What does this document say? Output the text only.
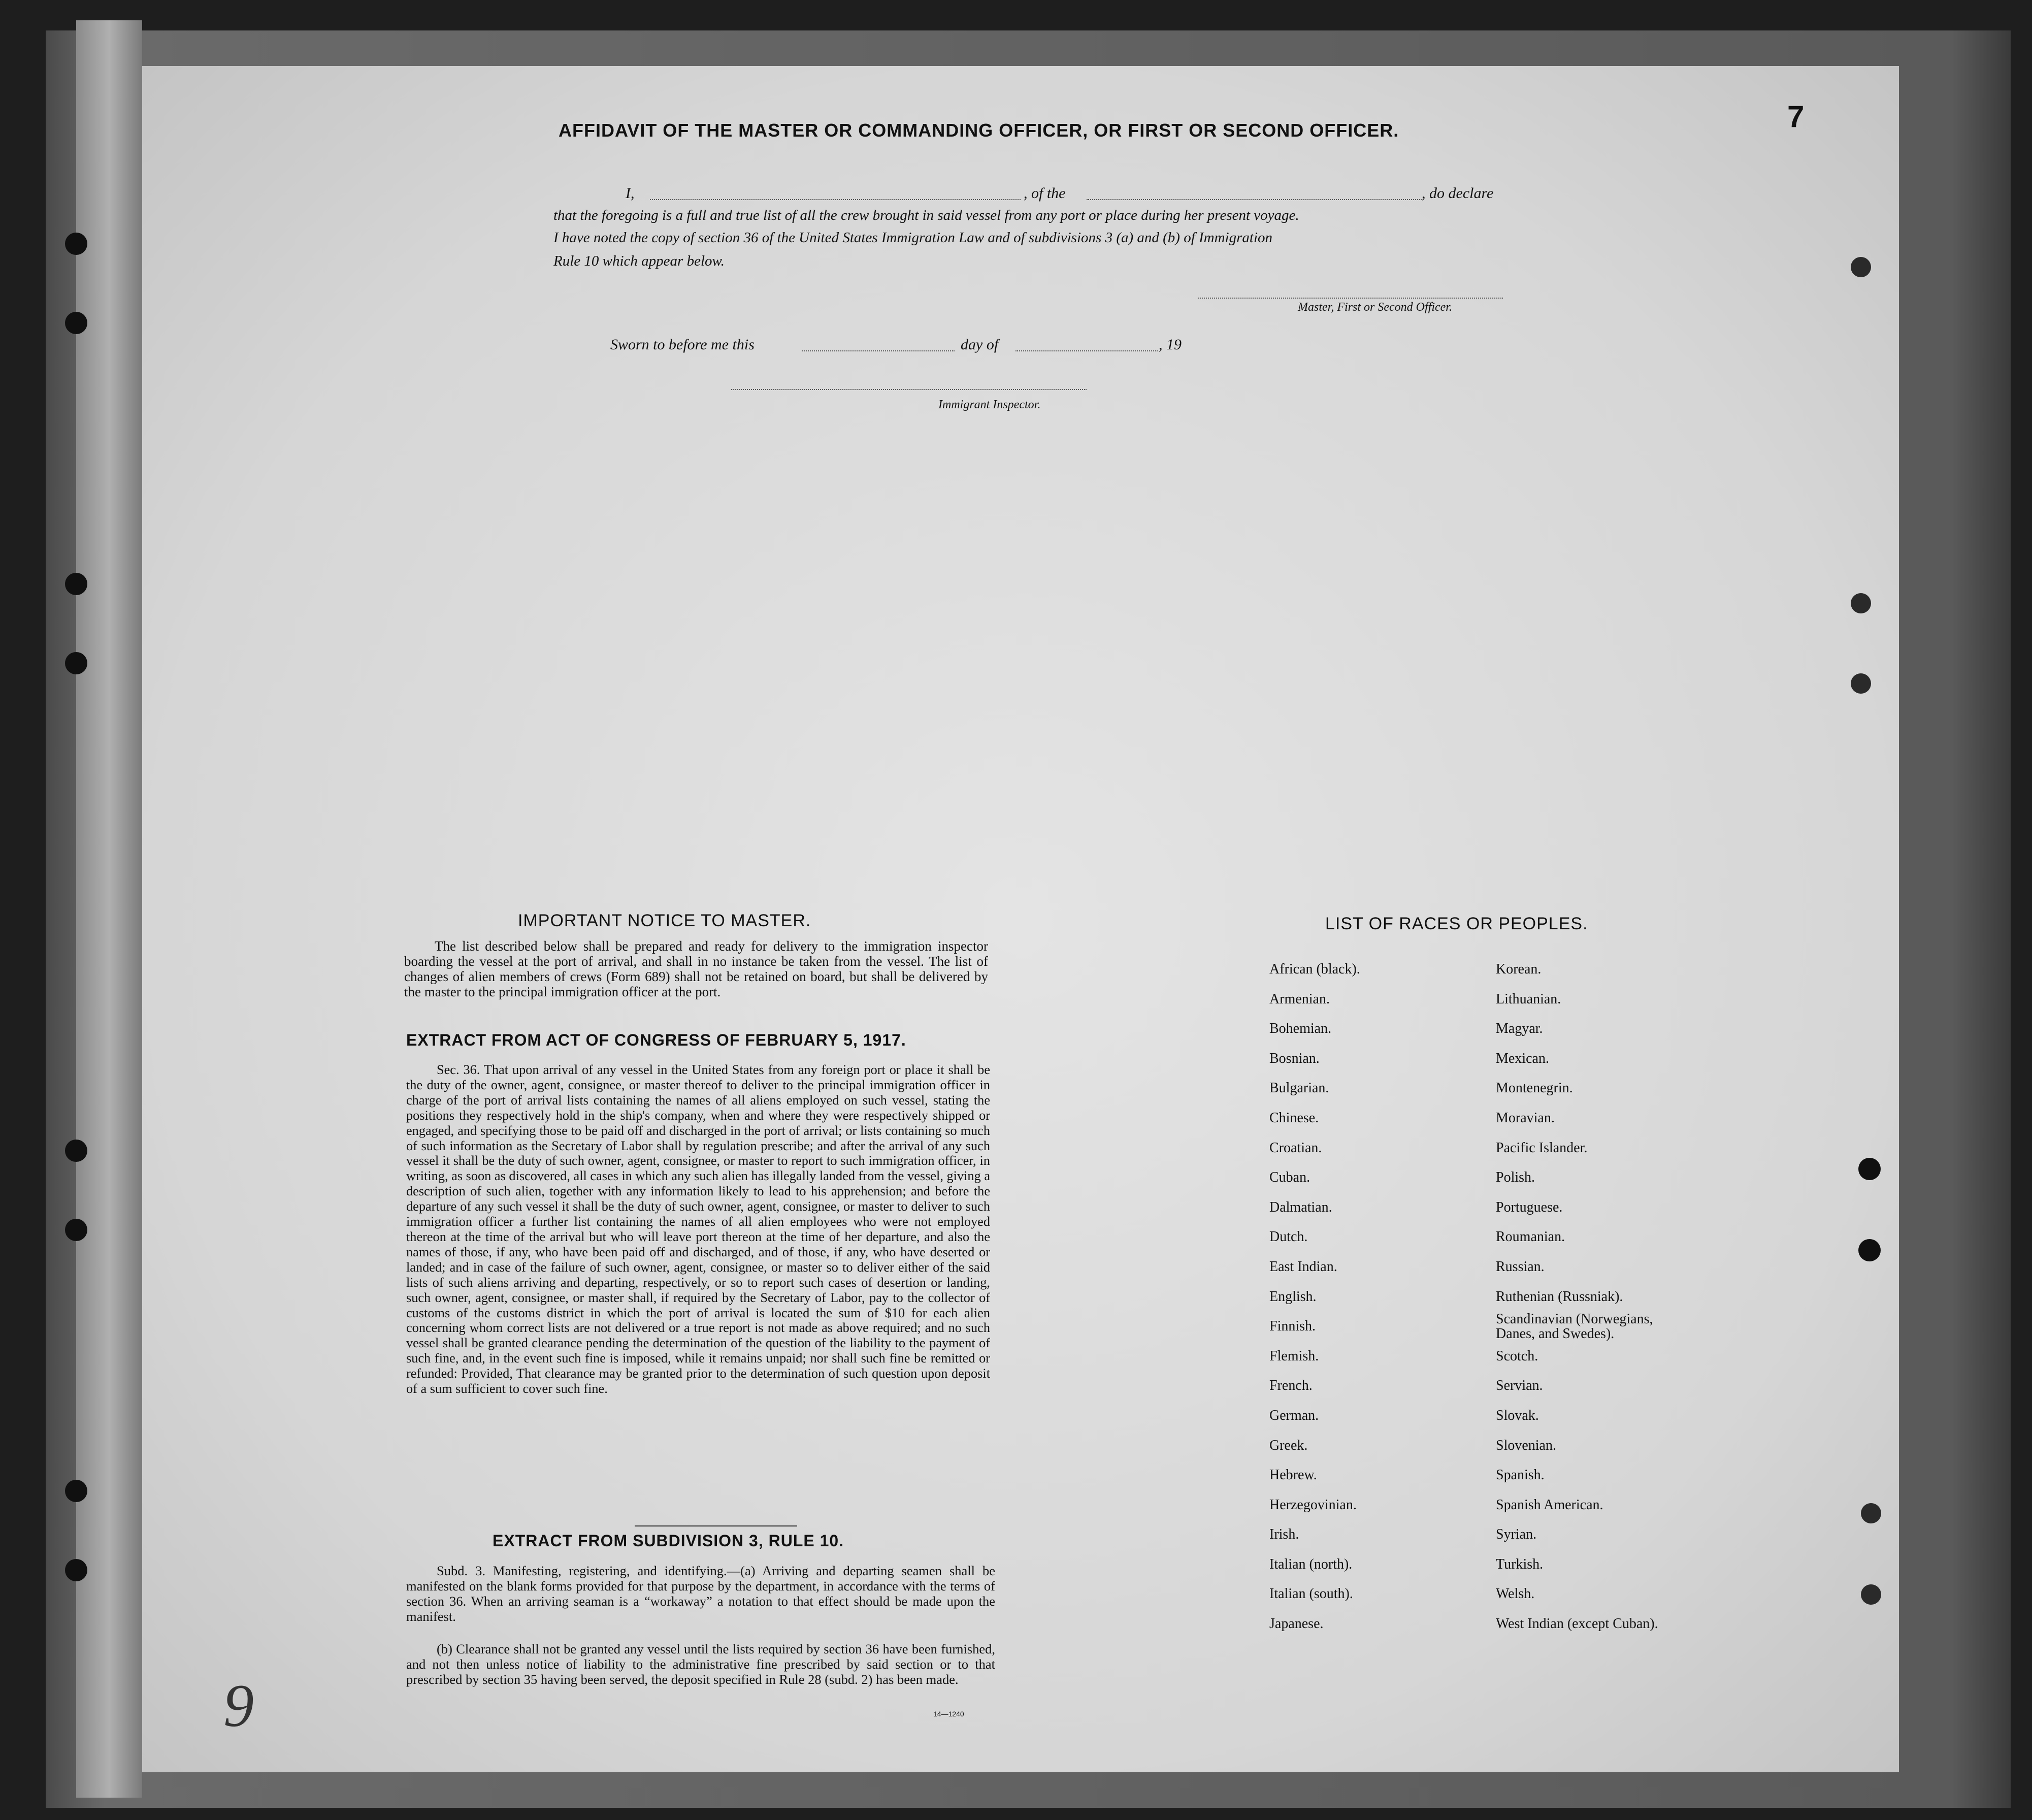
7
AFFIDAVIT OF THE MASTER OR COMMANDING OFFICER, OR FIRST OR SECOND OFFICER.
I,	, of the	, do declare
that the foregoing is a full and true list of all the crew brought in said vessel from any port or place during her present voyage.
I have noted the copy of section 36 of the United States Immigration Law and of subdivisions 3 (a) and (b) of Immigration
Rule 10 which appear below.
Master, First or Second Officer.
Sworn to before me this	day of	, 19
Immigrant Inspector.
IMPORTANT NOTICE TO MASTER.
The list described below shall be prepared and ready for delivery to the immigration inspector boarding the vessel at the port of arrival, and shall in no instance be taken from the vessel. The list of changes of alien members of crews (Form 689) shall not be retained on board, but shall be delivered by the master to the principal immigration officer at the port.
EXTRACT FROM ACT OF CONGRESS OF FEBRUARY 5, 1917.
Sec. 36. That upon arrival of any vessel in the United States from any foreign port or place it shall be the duty of the owner, agent, consignee, or master thereof to deliver to the principal immigration officer in charge of the port of arrival lists containing the names of all aliens employed on such vessel, stating the positions they respectively hold in the ship's company, when and where they were respectively shipped or engaged, and specifying those to be paid off and discharged in the port of arrival; or lists containing so much of such information as the Secretary of Labor shall by regulation prescribe; and after the arrival of any such vessel it shall be the duty of such owner, agent, consignee, or master to report to such immigration officer, in writing, as soon as discovered, all cases in which any such alien has illegally landed from the vessel, giving a description of such alien, together with any information likely to lead to his apprehension; and before the departure of any such vessel it shall be the duty of such owner, agent, consignee, or master to deliver to such immigration officer a further list containing the names of all alien employees who were not employed thereon at the time of the arrival but who will leave port thereon at the time of her departure, and also the names of those, if any, who have been paid off and discharged, and of those, if any, who have deserted or landed; and in case of the failure of such owner, agent, consignee, or master so to deliver either of the said lists of such aliens arriving and departing, respectively, or so to report such cases of desertion or landing, such owner, agent, consignee, or master shall, if required by the Secretary of Labor, pay to the collector of customs of the customs district in which the port of arrival is located the sum of $10 for each alien concerning whom correct lists are not delivered or a true report is not made as above required; and no such vessel shall be granted clearance pending the determination of the question of the liability to the payment of such fine, and, in the event such fine is imposed, while it remains unpaid; nor shall such fine be remitted or refunded: Provided, That clearance may be granted prior to the determination of such question upon deposit of a sum sufficient to cover such fine.
EXTRACT FROM SUBDIVISION 3, RULE 10.
Subd. 3. Manifesting, registering, and identifying.—(a) Arriving and departing seamen shall be manifested on the blank forms provided for that purpose by the department, in accordance with the terms of section 36. When an arriving seaman is a “workaway” a notation to that effect should be made upon the manifest.
(b) Clearance shall not be granted any vessel until the lists required by section 36 have been furnished, and not then unless notice of liability to the administrative fine prescribed by said section or to that prescribed by section 35 having been served, the deposit specified in Rule 28 (subd. 2) has been made.
14—1240
LIST OF RACES OR PEOPLES.
African (black).
Armenian.
Bohemian.
Bosnian.
Bulgarian.
Chinese.
Croatian.
Cuban.
Dalmatian.
Dutch.
East Indian.
English.
Finnish.
Flemish.
French.
German.
Greek.
Hebrew.
Herzegovinian.
Irish.
Italian (north).
Italian (south).
Japanese.
Korean.
Lithuanian.
Magyar.
Mexican.
Montenegrin.
Moravian.
Pacific Islander.
Polish.
Portuguese.
Roumanian.
Russian.
Ruthenian (Russniak).
Scandinavian (Norwegians, Danes, and Swedes).
Scotch.
Servian.
Slovak.
Slovenian.
Spanish.
Spanish American.
Syrian.
Turkish.
Welsh.
West Indian (except Cuban).
9
